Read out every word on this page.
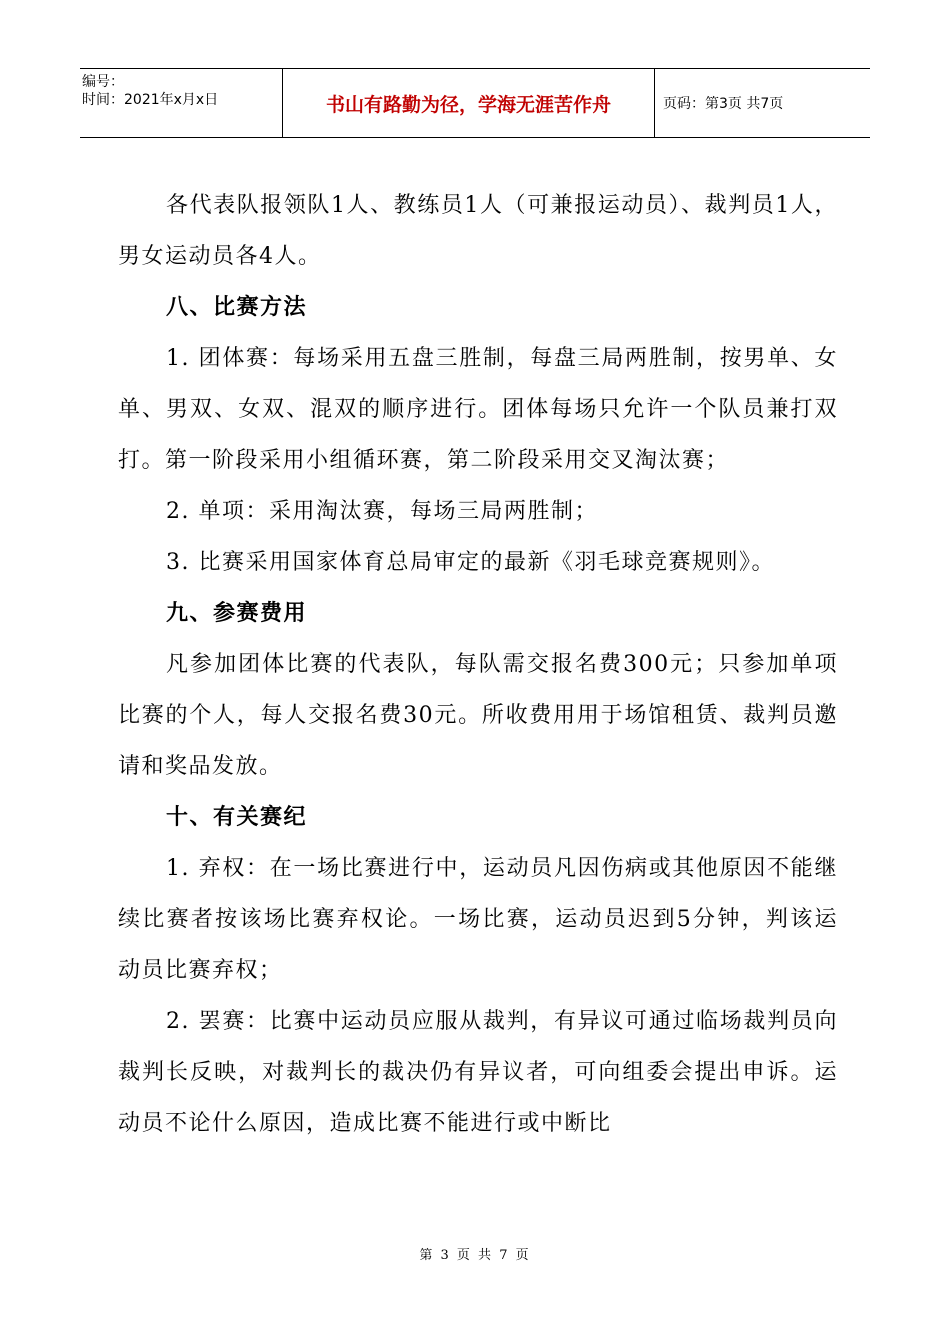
编号：
时间：2021年x月x日	书山有路勤为径，学海无涯苦作舟	页码：第3页 共7页

各代表队报领队1人、教练员1人（可兼报运动员）、裁判员1人，男女运动员各4人。

八、比赛方法

1. 团体赛：每场采用五盘三胜制，每盘三局两胜制，按男单、女单、男双、女双、混双的顺序进行。团体每场只允许一个队员兼打双打。第一阶段采用小组循环赛，第二阶段采用交叉淘汰赛；

2. 单项：采用淘汰赛，每场三局两胜制；

3. 比赛采用国家体育总局审定的最新《羽毛球竞赛规则》。

九、参赛费用

凡参加团体比赛的代表队，每队需交报名费300元；只参加单项比赛的个人，每人交报名费30元。所收费用用于场馆租赁、裁判员邀请和奖品发放。

十、有关赛纪

1. 弃权：在一场比赛进行中，运动员凡因伤病或其他原因不能继续比赛者按该场比赛弃权论。一场比赛，运动员迟到5分钟，判该运动员比赛弃权；

2. 罢赛：比赛中运动员应服从裁判，有异议可通过临场裁判员向裁判长反映，对裁判长的裁决仍有异议者，可向组委会提出申诉。运动员不论什么原因，造成比赛不能进行或中断比

第 3 页 共 7 页
